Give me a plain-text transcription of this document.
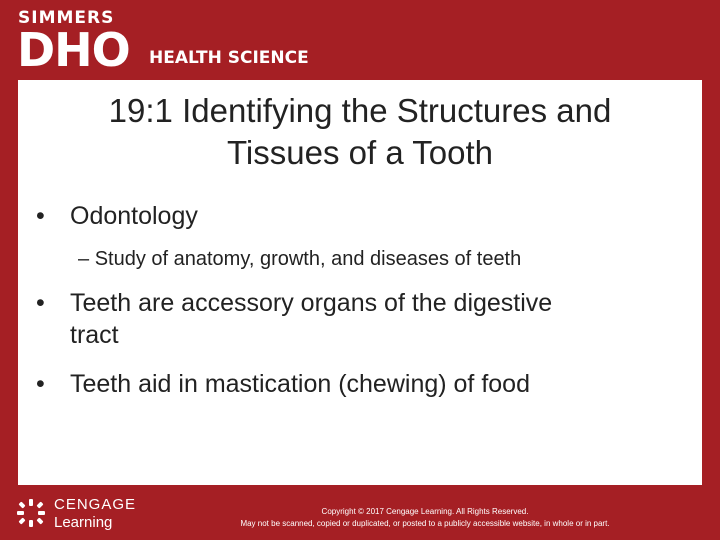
SIMMERS
DHO HEALTH SCIENCE
19:1 Identifying the Structures and
Tissues of a Tooth
• Odontology
– Study of anatomy, growth, and diseases of teeth
• Teeth are accessory organs of the digestive
tract
• Teeth aid in mastication (chewing) of food
CENGAGE
Learning
Copyright © 2017 Cengage Learning. All Rights Reserved.
May not be scanned, copied or duplicated, or posted to a publicly accessible website, in whole or in part.
